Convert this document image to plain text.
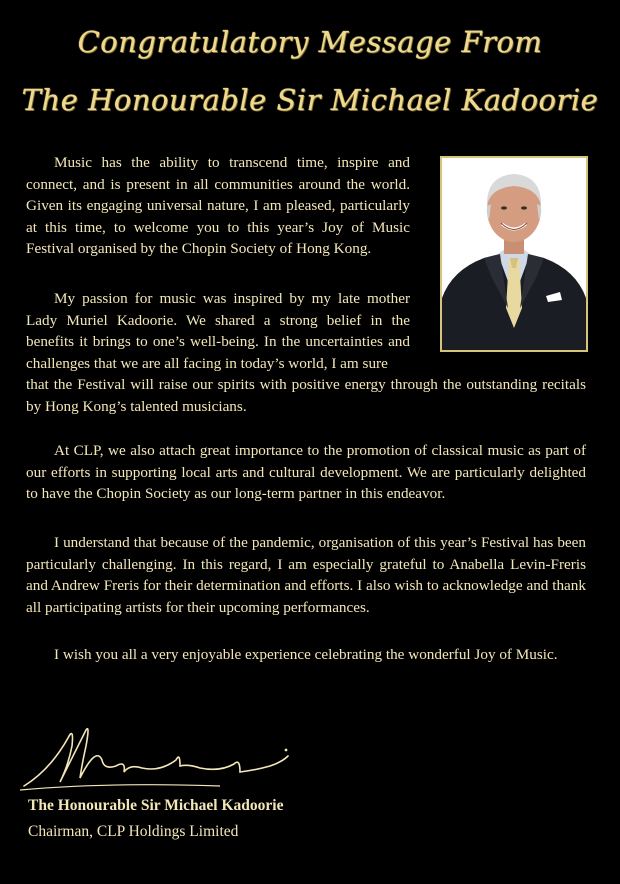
Congratulatory Message From
The Honourable Sir Michael Kadoorie

Music has the ability to transcend time, inspire and connect, and is present in all communities around the world. Given its engaging universal nature, I am pleased, particularly at this time, to welcome you to this year’s Joy of Music Festival organised by the Chopin Society of Hong Kong.

My passion for music was inspired by my late mother Lady Muriel Kadoorie. We shared a strong belief in the benefits it brings to one’s well-being. In the uncertainties and challenges that we are all facing in today’s world, I am sure

that the Festival will raise our spirits with positive energy through the outstanding recitals by Hong Kong’s talented musicians.

At CLP, we also attach great importance to the promotion of classical music as part of our efforts in supporting local arts and cultural development. We are particularly delighted to have the Chopin Society as our long-term partner in this endeavor.

I understand that because of the pandemic, organisation of this year’s Festival has been particularly challenging. In this regard, I am especially grateful to Anabella Levin-Freris and Andrew Freris for their determination and efforts. I also wish to acknowledge and thank all participating artists for their upcoming performances.

I wish you all a very enjoyable experience celebrating the wonderful Joy of Music.

The Honourable Sir Michael Kadoorie
Chairman, CLP Holdings Limited
